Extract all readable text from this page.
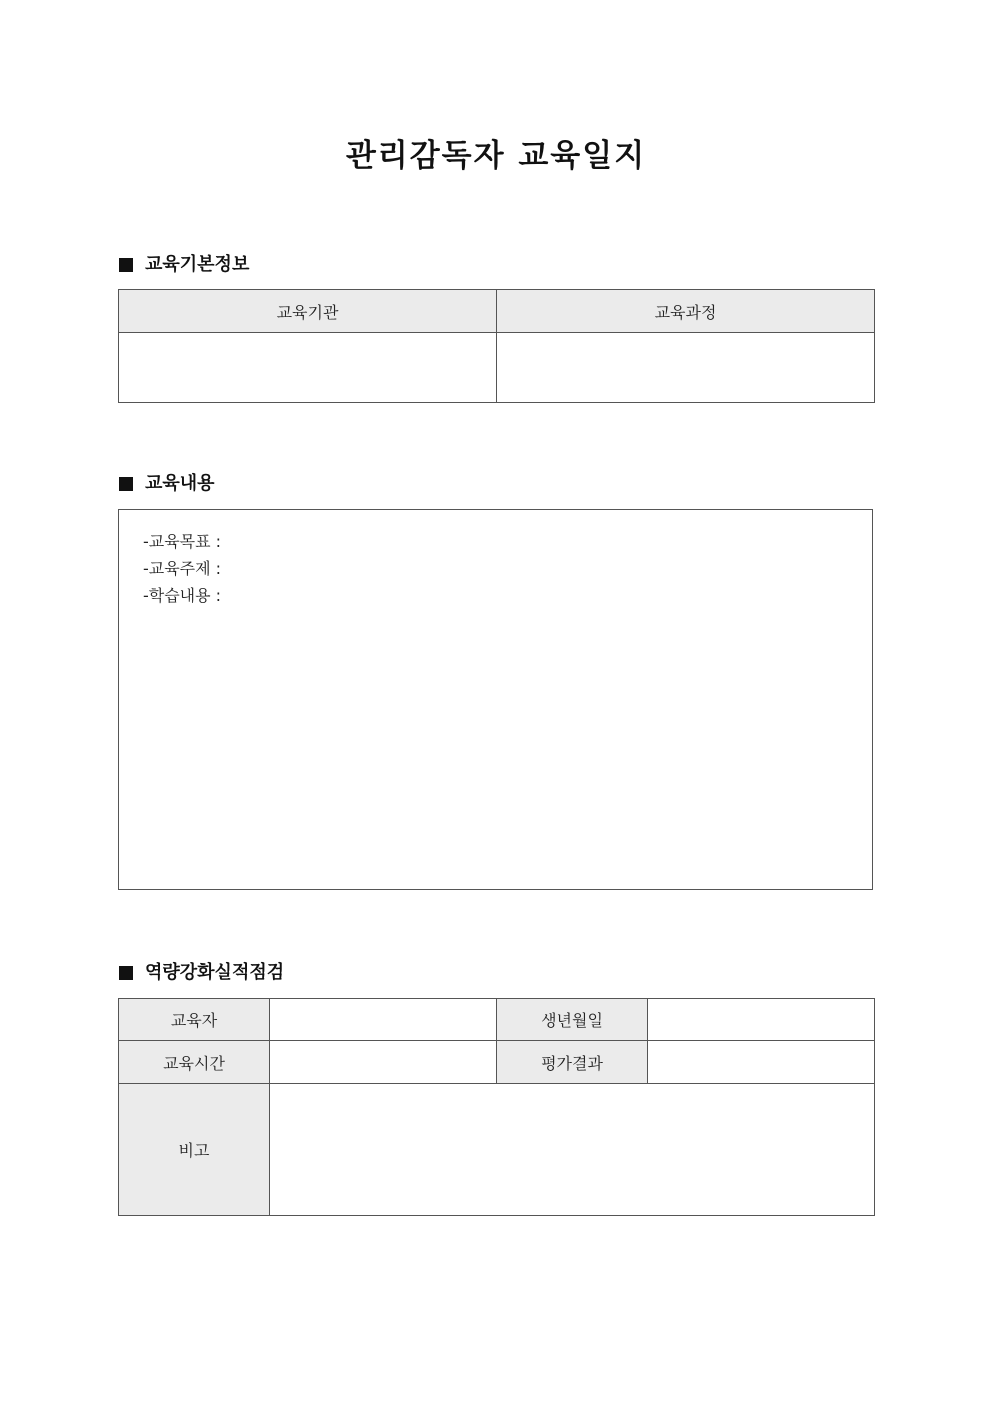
관리감독자 교육일지
교육기본정보
교육기관	교육과정

교육내용
-교육목표 :
-교육주제 :
-학습내용 :
역량강화실적점검
교육자		생년월일	
교육시간		평가결과	
비고			
